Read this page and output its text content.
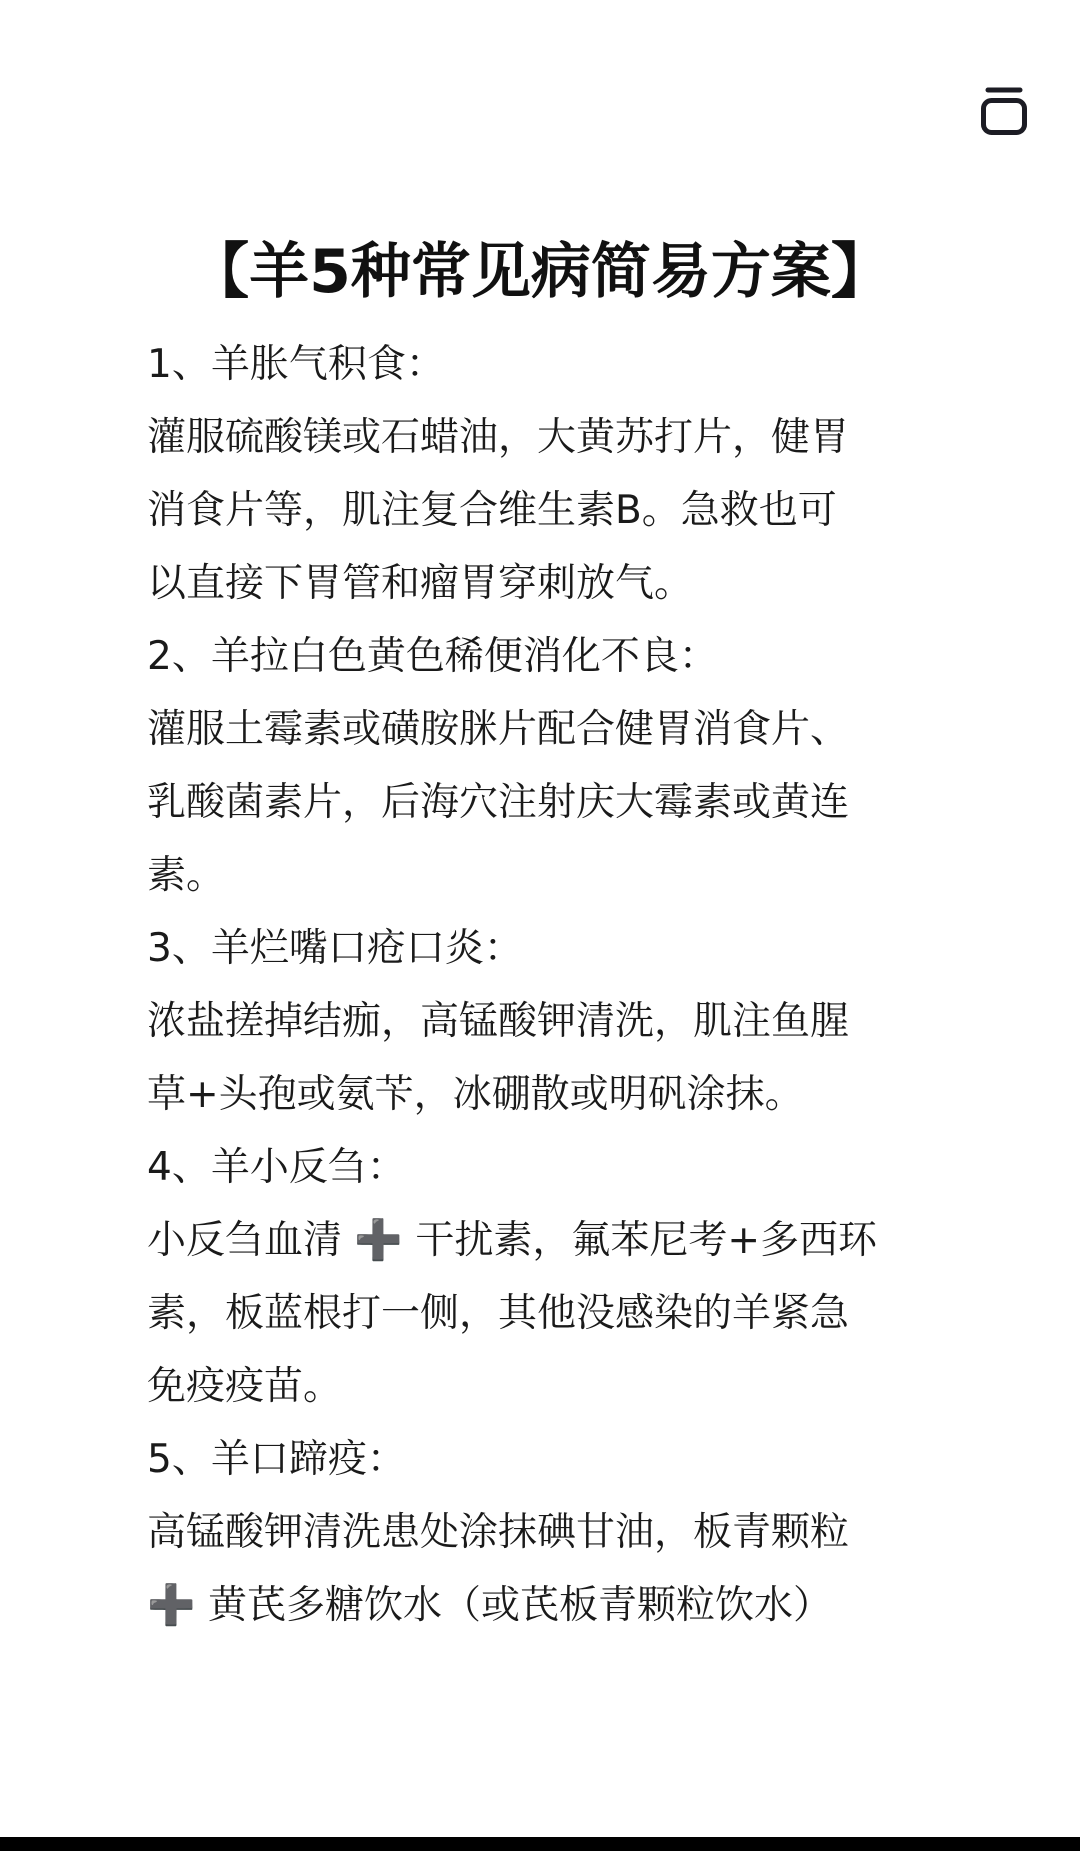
【羊5种常见病简易方案】
1、羊胀气积食：
灌服硫酸镁或石蜡油，大黄苏打片，健胃
消食片等，肌注复合维生素B。急救也可
以直接下胃管和瘤胃穿刺放气。
2、羊拉白色黄色稀便消化不良：
灌服土霉素或磺胺脒片配合健胃消食片、
乳酸菌素片，后海穴注射庆大霉素或黄连
素。
3、羊烂嘴口疮口炎：
浓盐搓掉结痂，高锰酸钾清洗，肌注鱼腥
草+头孢或氨苄，冰硼散或明矾涂抹。
4、羊小反刍：
小反刍血清 ➕ 干扰素，氟苯尼考+多西环
素，板蓝根打一侧，其他没感染的羊紧急
免疫疫苗。
5、羊口蹄疫：
高锰酸钾清洗患处涂抹碘甘油，板青颗粒
➕ 黄芪多糖饮水（或芪板青颗粒饮水）
